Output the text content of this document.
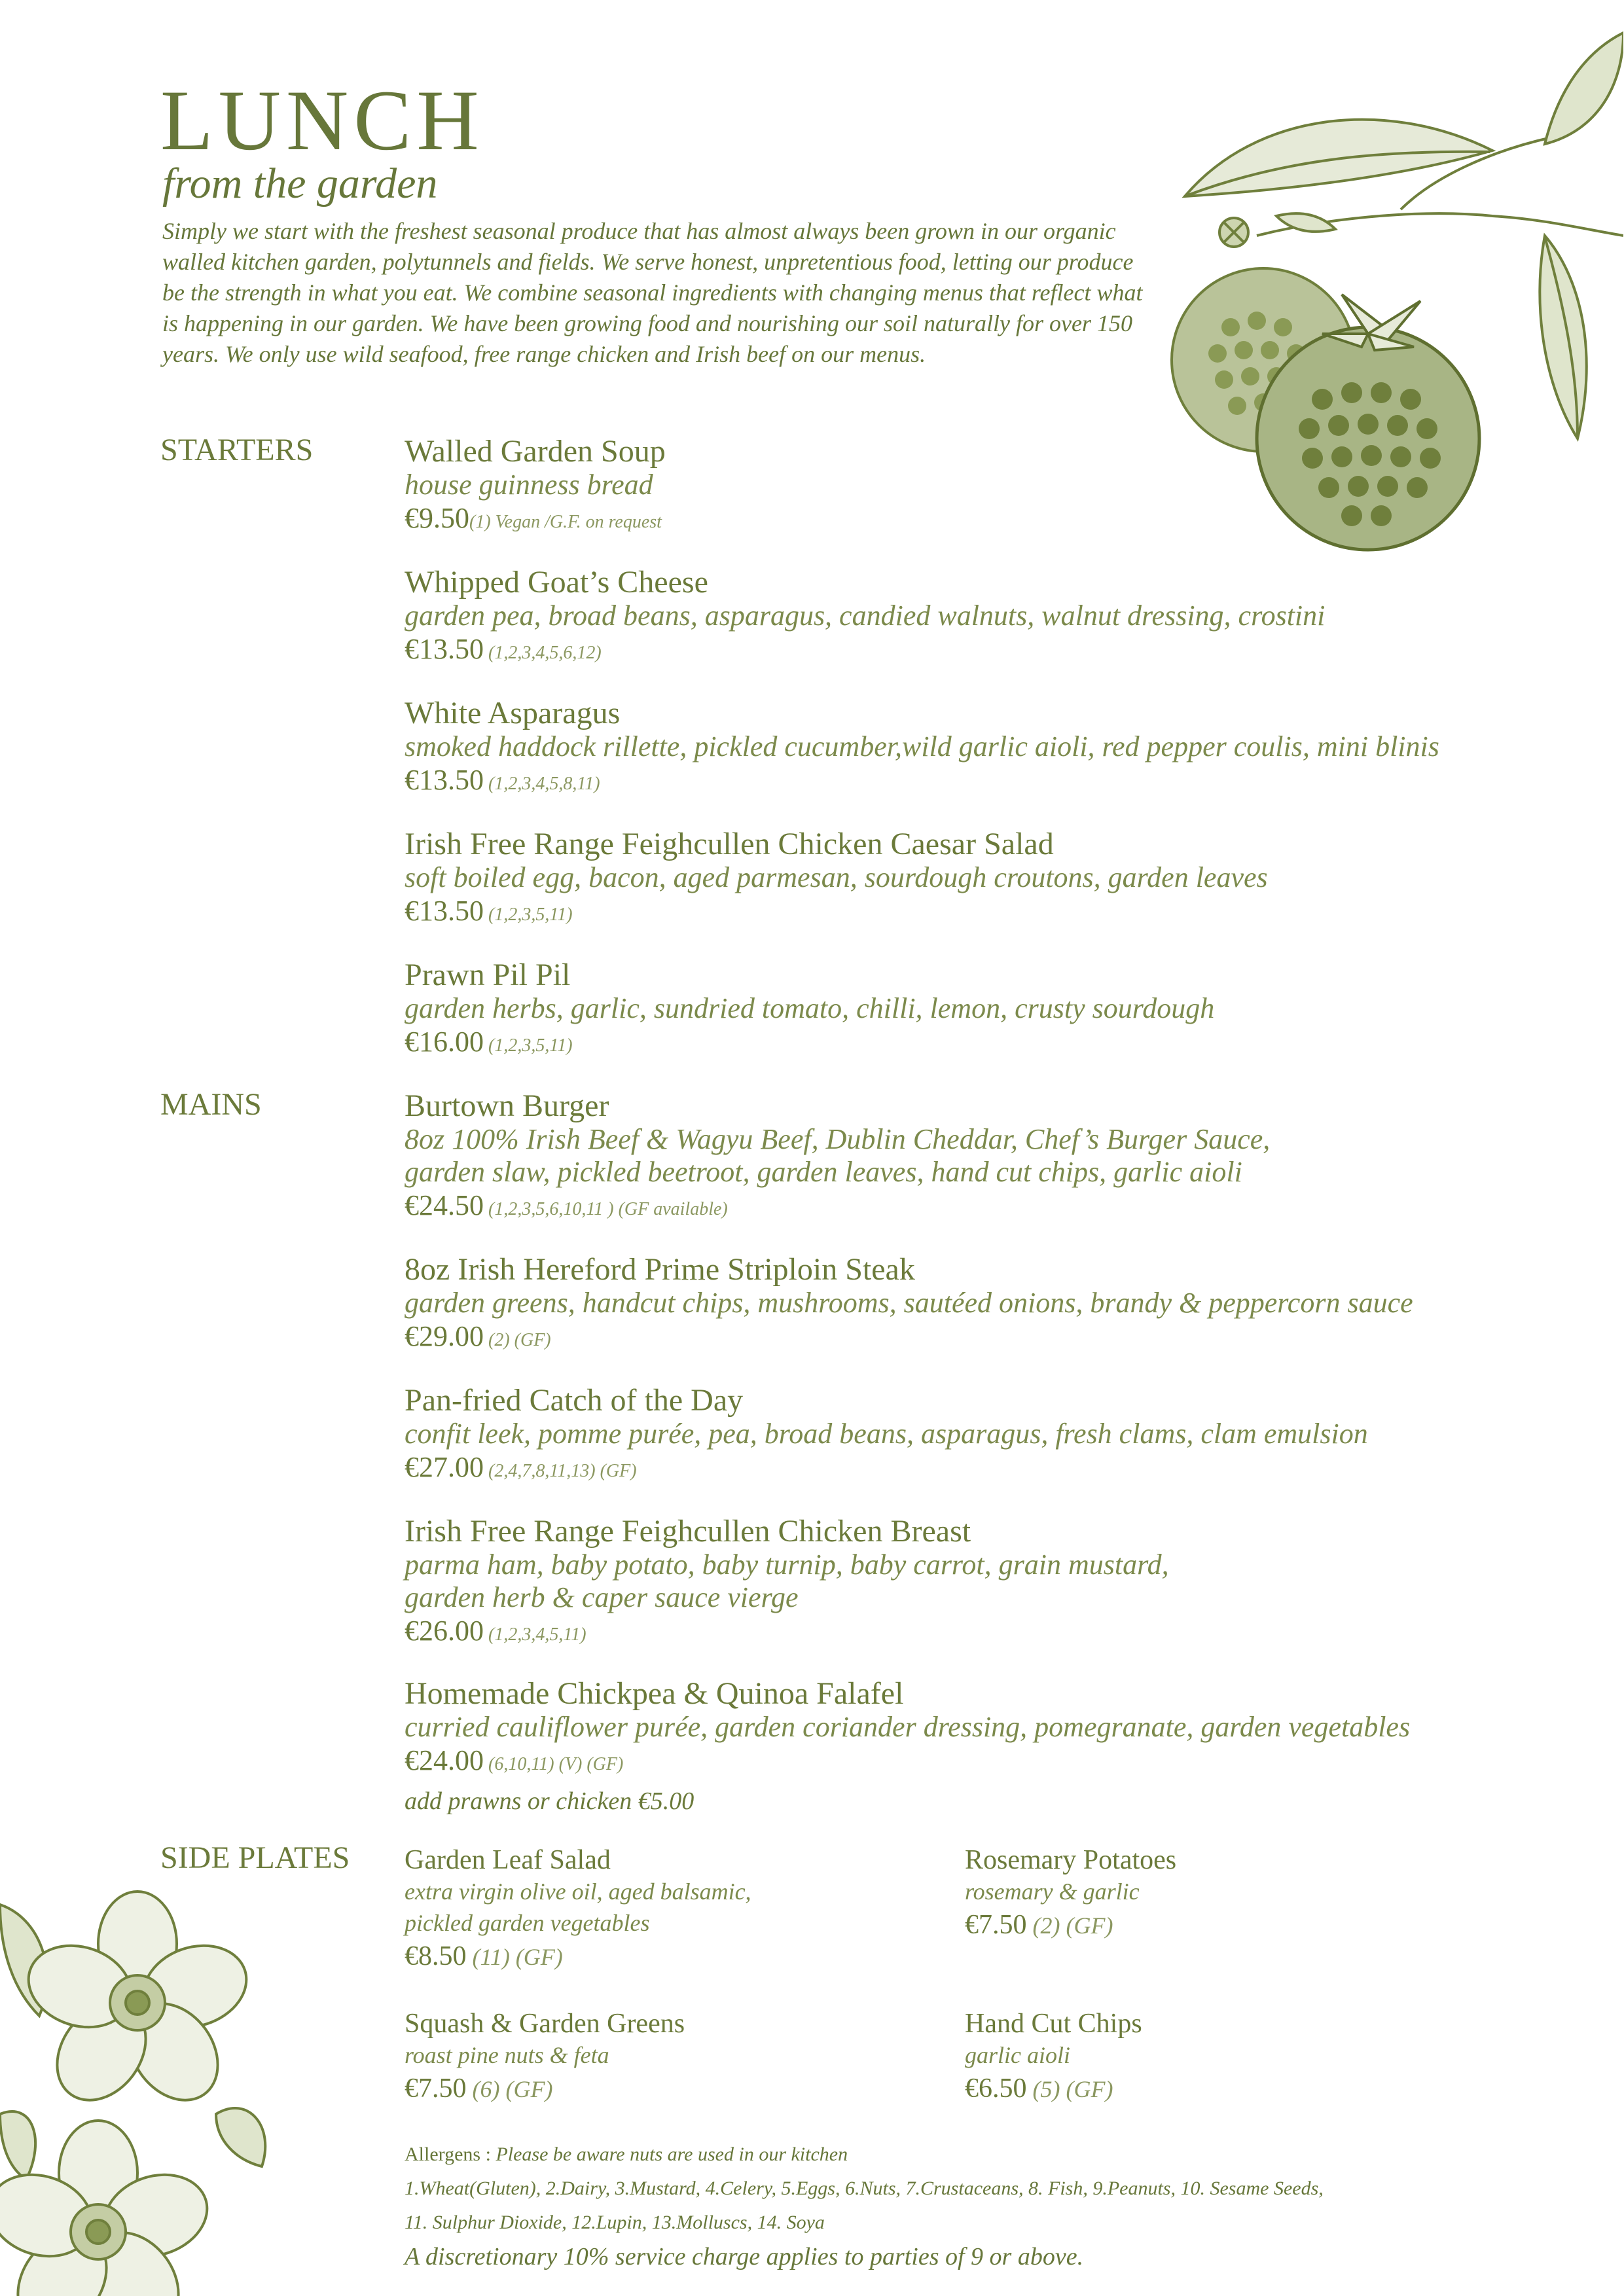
LUNCH
from the garden
Simply we start with the freshest seasonal produce that has almost always been grown in our organic walled kitchen garden, polytunnels and fields. We serve honest, unpretentious food, letting our produce be the strength in what you eat. We combine seasonal ingredients with changing menus that reflect what is happening in our garden. We have been growing food and nourishing our soil naturally for over 150 years. We only use wild seafood, free range chicken and Irish beef on our menus.
STARTERS
MAINS
SIDE PLATES
Walled Garden Soup
house guinness bread
€9.50(1) Vegan /G.F. on request
Whipped Goat’s Cheese
garden pea, broad beans, asparagus, candied walnuts, walnut dressing, crostini
€13.50 (1,2,3,4,5,6,12)
White Asparagus
smoked haddock rillette, pickled cucumber,wild garlic aioli, red pepper coulis, mini blinis
€13.50 (1,2,3,4,5,8,11)
Irish Free Range Feighcullen Chicken Caesar Salad
soft boiled egg, bacon, aged parmesan, sourdough croutons, garden leaves
€13.50 (1,2,3,5,11)
Prawn Pil Pil
garden herbs, garlic, sundried tomato, chilli, lemon, crusty sourdough
€16.00 (1,2,3,5,11)
Burtown Burger
8oz 100% Irish Beef & Wagyu Beef, Dublin Cheddar, Chef’s Burger Sauce,
garden slaw, pickled beetroot, garden leaves, hand cut chips, garlic aioli
€24.50 (1,2,3,5,6,10,11 ) (GF available)
8oz Irish Hereford Prime Striploin Steak
garden greens, handcut chips, mushrooms, sautéed onions, brandy & peppercorn sauce
€29.00 (2) (GF)
Pan-fried Catch of the Day
confit leek, pomme purée, pea, broad beans, asparagus, fresh clams, clam emulsion
€27.00 (2,4,7,8,11,13) (GF)
Irish Free Range Feighcullen Chicken Breast
parma ham, baby potato, baby turnip, baby carrot, grain mustard,
garden herb & caper sauce vierge
€26.00 (1,2,3,4,5,11)
Homemade Chickpea & Quinoa Falafel
curried cauliflower purée, garden coriander dressing, pomegranate, garden vegetables
€24.00 (6,10,11) (V) (GF)
add prawns or chicken €5.00
Garden Leaf Salad
extra virgin olive oil, aged balsamic,
pickled garden vegetables
€8.50 (11) (GF)
Rosemary Potatoes
rosemary & garlic
€7.50 (2) (GF)
Squash & Garden Greens
roast pine nuts & feta
€7.50 (6) (GF)
Hand Cut Chips
garlic aioli
€6.50 (5) (GF)
Allergens : Please be aware nuts are used in our kitchen
1.Wheat(Gluten), 2.Dairy, 3.Mustard, 4.Celery, 5.Eggs, 6.Nuts, 7.Crustaceans, 8. Fish, 9.Peanuts, 10. Sesame Seeds,
11. Sulphur Dioxide, 12.Lupin, 13.Molluscs, 14. Soya
A discretionary 10% service charge applies to parties of 9 or above.
